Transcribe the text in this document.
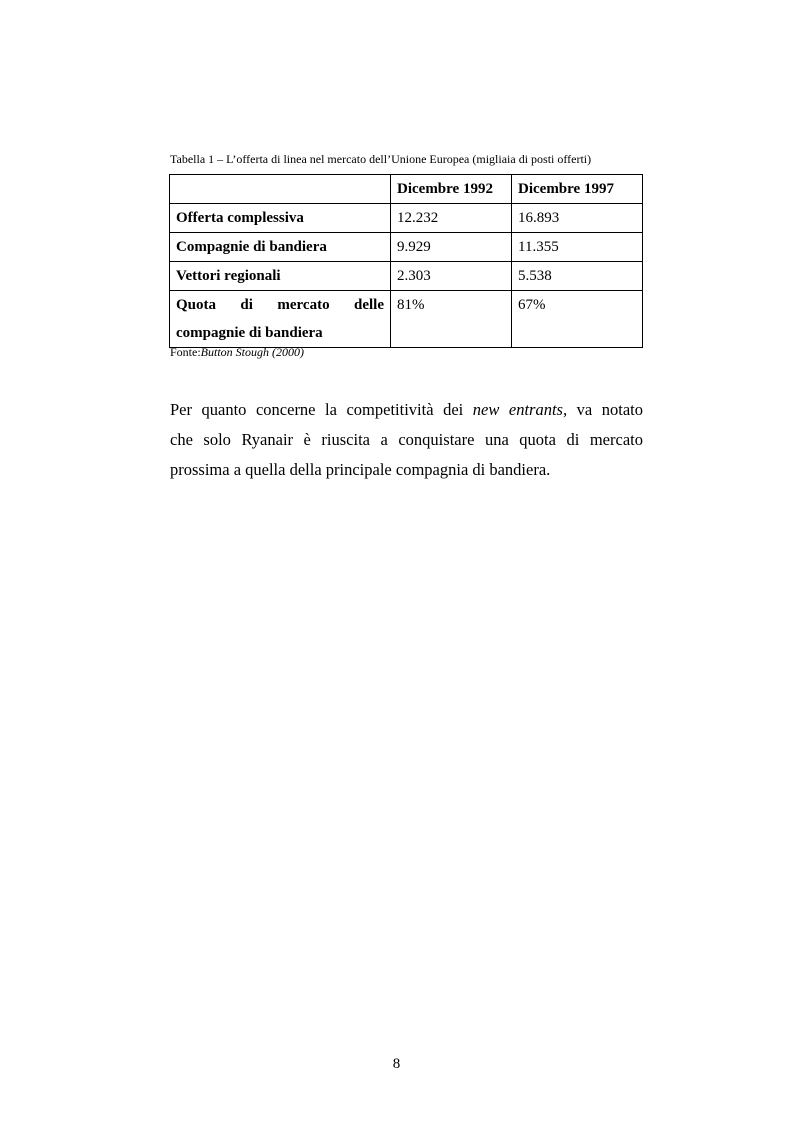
Tabella 1 – L’offerta di linea nel mercato dell’Unione Europea (migliaia di posti offerti)
	Dicembre 1992	Dicembre 1997
Offerta complessiva	12.232	16.893
Compagnie di bandiera	9.929	11.355
Vettori regionali	2.303	5.538

Quota di mercato delle
compagnie di bandiera	81%	67%
Fonte:Button Stough (2000)
Per quanto concerne la competitività dei new entrants, va notato
che solo Ryanair è riuscita a conquistare una quota di mercato
prossima a quella della principale compagnia di bandiera.
8
